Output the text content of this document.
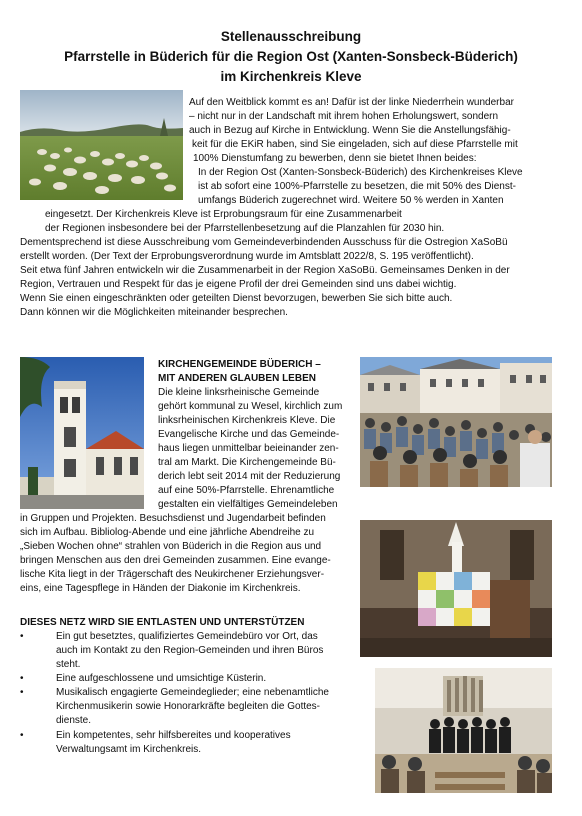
Stellenausschreibung
Pfarrstelle in Büderich für die Region Ost (Xanten-Sonsbeck-Büderich)
im Kirchenkreis Kleve
Auf den Weitblick kommt es an! Dafür ist der linke Niederrhein wunderbar
– nicht nur in der Landschaft mit ihrem hohen Erholungswert, sondern
auch in Bezug auf Kirche in Entwicklung. Wenn Sie die Anstellungsfähig-
keit für die EKiR haben, sind Sie eingeladen, sich auf diese Pfarrstelle mit
100% Dienstumfang zu bewerben, denn sie bietet Ihnen beides:
In der Region Ost (Xanten-Sonsbeck-Büderich) des Kirchenkreises Kleve
ist ab sofort eine 100%-Pfarrstelle zu besetzen, die mit 50% des Dienst-
umfangs Büderich zugerechnet wird. Weitere 50 % werden in Xanten
eingesetzt. Der Kirchenkreis Kleve ist Erprobungsraum für eine Zusammenarbeit
der Regionen insbesondere bei der Pfarrstellenbesetzung auf die Planzahlen für 2030 hin.
Dementsprechend ist diese Ausschreibung vom Gemeindeverbindenden Ausschuss für die Ostregion XaSoBü
erstellt worden. (Der Text der Erprobungsverordnung wurde im Amtsblatt 2022/8, S. 195 veröffentlicht).
Seit etwa fünf Jahren entwickeln wir die Zusammenarbeit in der Region XaSoBü. Gemeinsames Denken in der
Region, Vertrauen und Respekt für das je eigene Profil der drei Gemeinden sind uns dabei wichtig.
Wenn Sie einen eingeschränkten oder geteilten Dienst bevorzugen, bewerben Sie sich bitte auch.
Dann können wir die Möglichkeiten miteinander besprechen.
KIRCHENGEMEINDE BÜDERICH –
MIT ANDEREN GLAUBEN LEBEN
Die kleine linksrheinische Gemeinde
gehört kommunal zu Wesel, kirchlich zum
linksrheinischen Kirchenkreis Kleve. Die
Evangelische Kirche und das Gemeinde-
haus liegen unmittelbar beieinander zen-
tral am Markt. Die Kirchengemeinde Bü-
derich lebt seit 2014 mit der Reduzierung
auf eine 50%-Pfarrstelle. Ehrenamtliche
gestalten ein vielfältiges Gemeindeleben
in Gruppen und Projekten. Besuchsdienst und Jugendarbeit befinden
sich im Aufbau. Bibliolog-Abende und eine jährliche Abendreihe zu
„Sieben Wochen ohne“ strahlen von Büderich in die Region aus und
bringen Menschen aus den drei Gemeinden zusammen. Eine evange-
lische Kita liegt in der Trägerschaft des Neukirchener Erziehungsver-
eins, eine Tagespflege in Händen der Diakonie im Kirchenkreis.
DIESES NETZ WIRD SIE ENTLASTEN UND UNTERSTÜTZEN
•	Ein gut besetztes, qualifiziertes Gemeindebüro vor Ort, das
auch im Kontakt zu den Region-Gemeinden und ihren Büros
steht.
•	Eine aufgeschlossene und umsichtige Küsterin.
•	Musikalisch engagierte Gemeindeglieder; eine nebenamtliche
Kirchenmusikerin sowie Honorarkräfte begleiten die Gottes-
dienste.
•	Ein kompetentes, sehr hilfsbereites und kooperatives
Verwaltungsamt im Kirchenkreis.
